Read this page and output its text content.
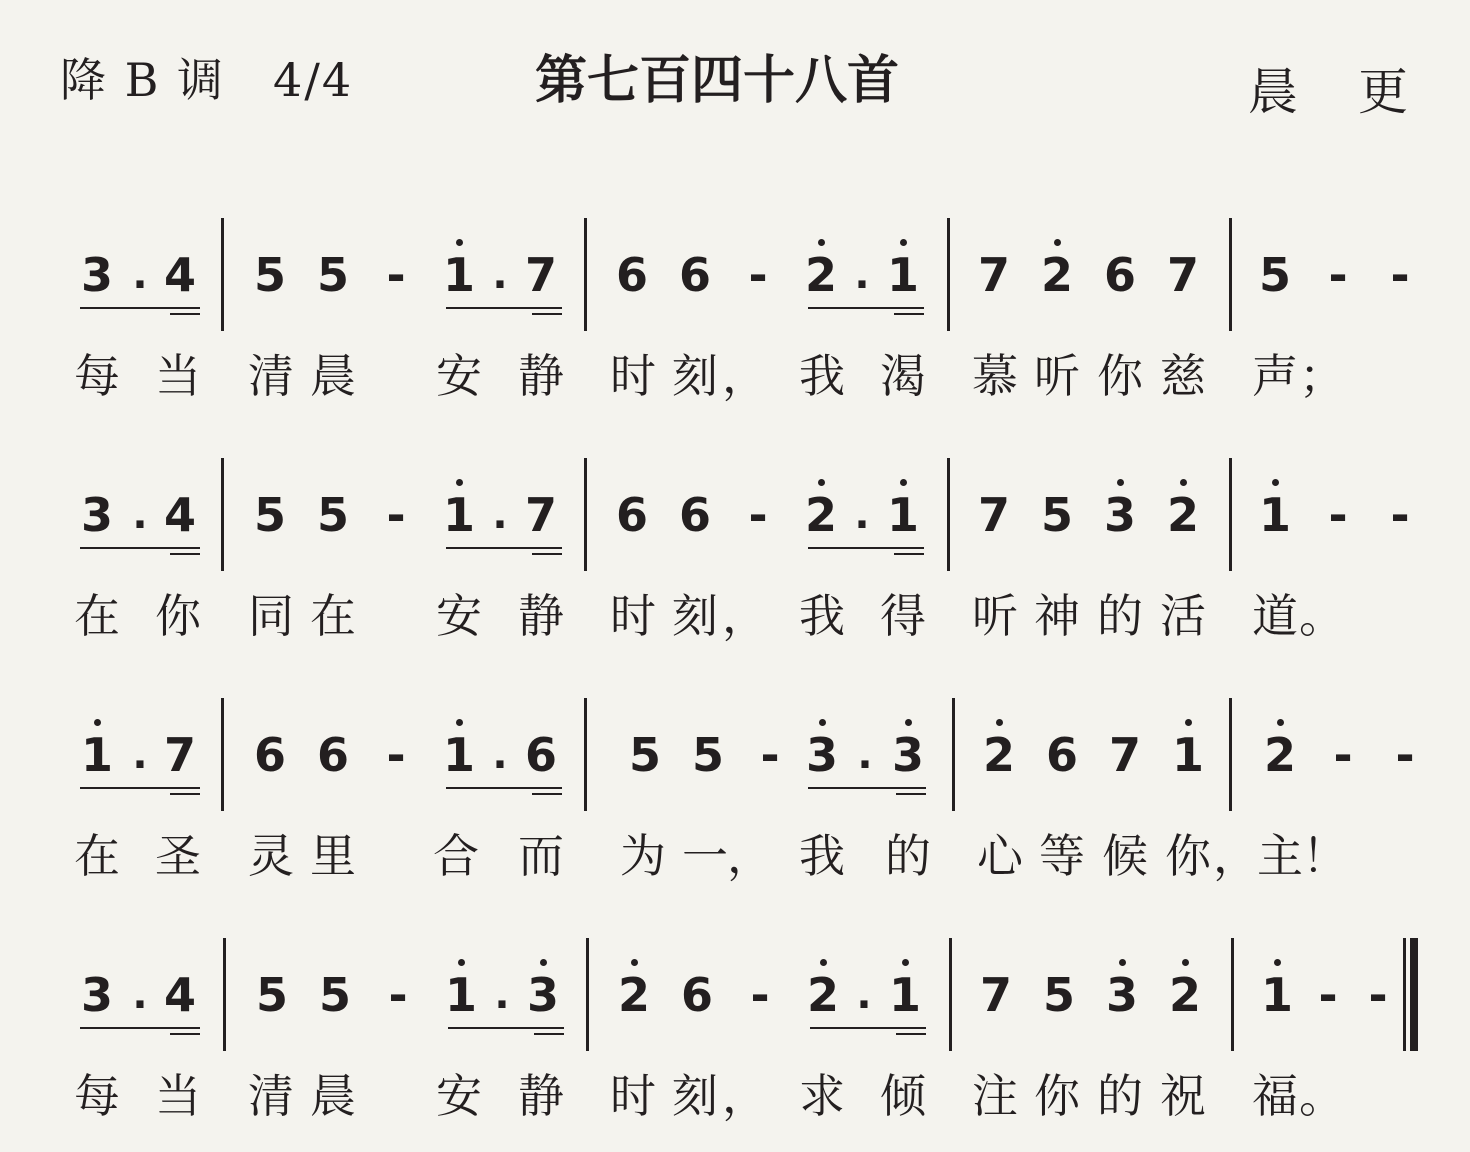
降 B 调　4/4	第七百四十八首	晨 更
3 . 4 5 5 - 1 . 7 6 6 - 2 . 1 7 2 6 7 5 - -
每 当 清 晨 安 静 时 刻 ， 我 渴 慕 听 你 慈 声 ；
3 . 4 5 5 - 1 . 7 6 6 - 2 . 1 7 5 3 2 1 - -
在 你 同 在 安 静 时 刻 ， 我 得 听 神 的 活 道 。
1 . 7 6 6 - 1 . 6 5 5 - 3 . 3 2 6 7 1 2 - -
在 圣 灵 里 合 而 为 一 ， 我 的 心 等 候 你 ，
主 ！
3 . 4 5 5 - 1 . 3 2 6 - 2 . 1 7 5 3 2 1 - -
每 当 清 晨 安 静 时 刻 ， 求 倾 注 你 的 祝 福 。
